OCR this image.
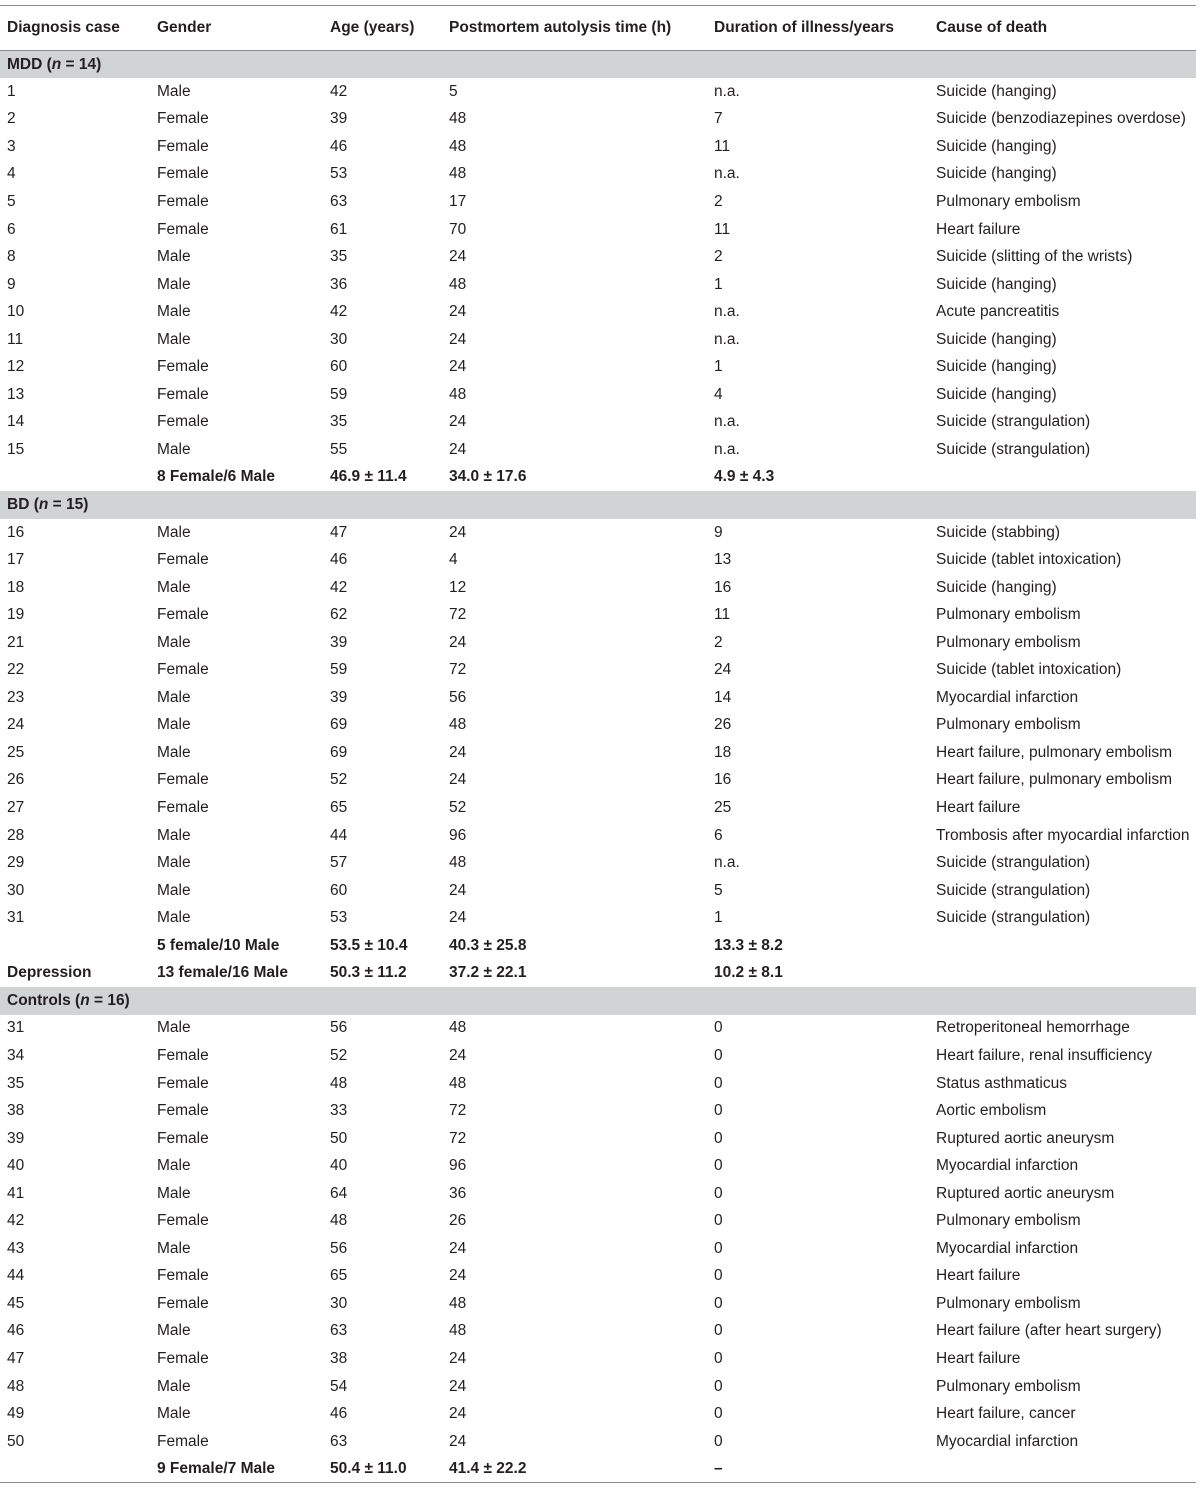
Diagnosis case	Gender	Age (years)	Postmortem autolysis time (h)	Duration of illness/years	Cause of death
MDD (n = 14)					
1	Male	42	5	n.a.	Suicide (hanging)
2	Female	39	48	7	Suicide (benzodiazepines overdose)
3	Female	46	48	11	Suicide (hanging)
4	Female	53	48	n.a.	Suicide (hanging)
5	Female	63	17	2	Pulmonary embolism
6	Female	61	70	11	Heart failure
8	Male	35	24	2	Suicide (slitting of the wrists)
9	Male	36	48	1	Suicide (hanging)
10	Male	42	24	n.a.	Acute pancreatitis
11	Male	30	24	n.a.	Suicide (hanging)
12	Female	60	24	1	Suicide (hanging)
13	Female	59	48	4	Suicide (hanging)
14	Female	35	24	n.a.	Suicide (strangulation)
15	Male	55	24	n.a.	Suicide (strangulation)
	8 Female/6 Male	46.9 ± 11.4	34.0 ± 17.6	4.9 ± 4.3	
BD (n = 15)					
16	Male	47	24	9	Suicide (stabbing)
17	Female	46	4	13	Suicide (tablet intoxication)
18	Male	42	12	16	Suicide (hanging)
19	Female	62	72	11	Pulmonary embolism
21	Male	39	24	2	Pulmonary embolism
22	Female	59	72	24	Suicide (tablet intoxication)
23	Male	39	56	14	Myocardial infarction
24	Male	69	48	26	Pulmonary embolism
25	Male	69	24	18	Heart failure, pulmonary embolism
26	Female	52	24	16	Heart failure, pulmonary embolism
27	Female	65	52	25	Heart failure
28	Male	44	96	6	Trombosis after myocardial infarction
29	Male	57	48	n.a.	Suicide (strangulation)
30	Male	60	24	5	Suicide (strangulation)
31	Male	53	24	1	Suicide (strangulation)
	5 female/10 Male	53.5 ± 10.4	40.3 ± 25.8	13.3 ± 8.2	
Depression	13 female/16 Male	50.3 ± 11.2	37.2 ± 22.1	10.2 ± 8.1	
Controls (n = 16)					
31	Male	56	48	0	Retroperitoneal hemorrhage
34	Female	52	24	0	Heart failure, renal insufficiency
35	Female	48	48	0	Status asthmaticus
38	Female	33	72	0	Aortic embolism
39	Female	50	72	0	Ruptured aortic aneurysm
40	Male	40	96	0	Myocardial infarction
41	Male	64	36	0	Ruptured aortic aneurysm
42	Female	48	26	0	Pulmonary embolism
43	Male	56	24	0	Myocardial infarction
44	Female	65	24	0	Heart failure
45	Female	30	48	0	Pulmonary embolism
46	Male	63	48	0	Heart failure (after heart surgery)
47	Female	38	24	0	Heart failure
48	Male	54	24	0	Pulmonary embolism
49	Male	46	24	0	Heart failure, cancer
50	Female	63	24	0	Myocardial infarction
	9 Female/7 Male	50.4 ± 11.0	41.4 ± 22.2	–	
